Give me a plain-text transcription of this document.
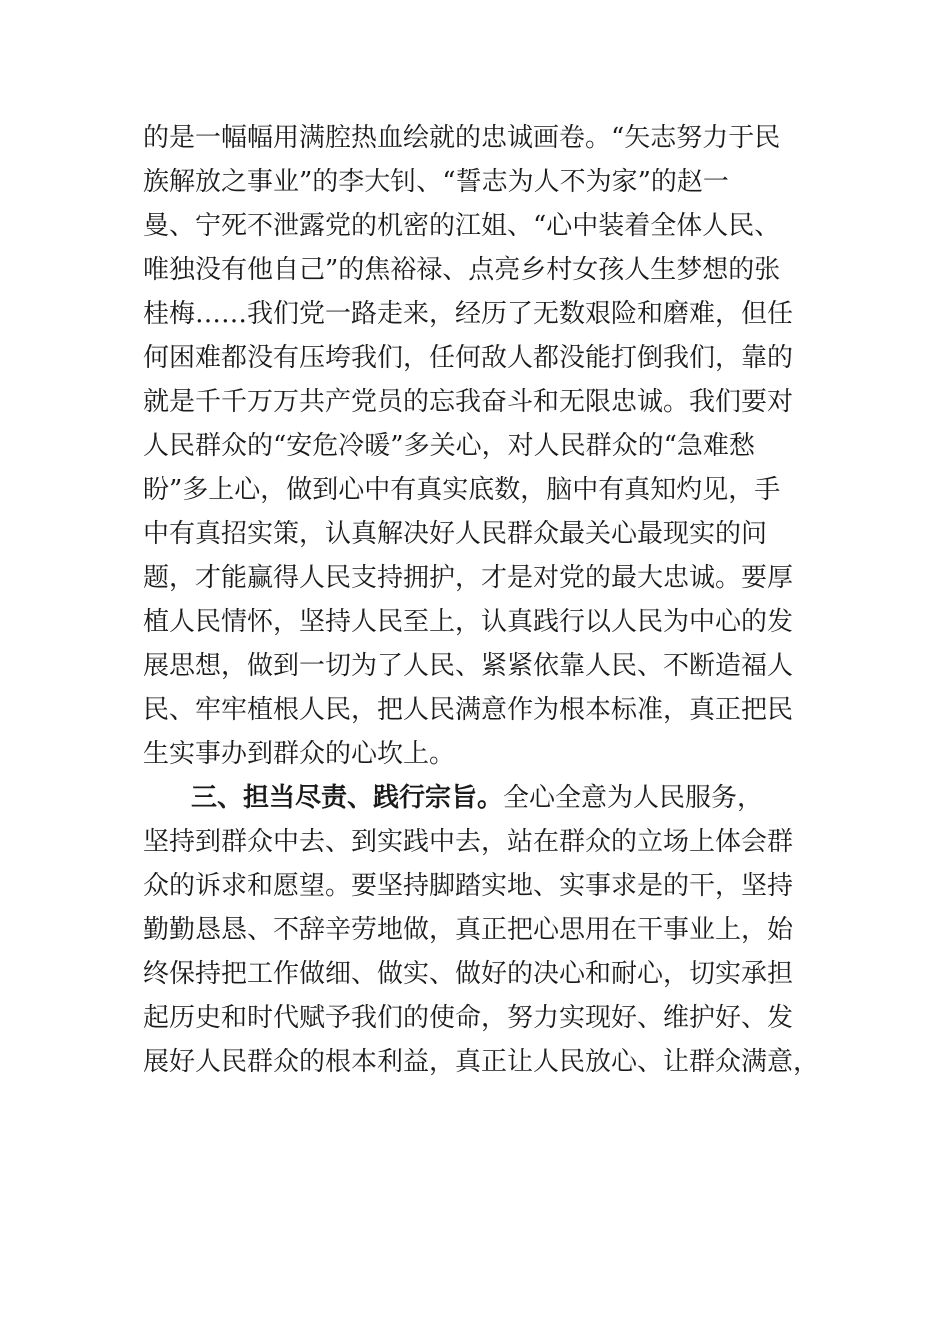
的是一幅幅用满腔热血绘就的忠诚画卷。“矢志努力于民

族解放之事业”的李大钊、“誓志为人不为家”的赵一

曼、宁死不泄露党的机密的江姐、“心中装着全体人民、

唯独没有他自己”的焦裕禄、点亮乡村女孩人生梦想的张

桂梅……我们党一路走来，经历了无数艰险和磨难，但任

何困难都没有压垮我们，任何敌人都没能打倒我们，靠的

就是千千万万共产党员的忘我奋斗和无限忠诚。我们要对

人民群众的“安危冷暖”多关心，对人民群众的“急难愁

盼”多上心，做到心中有真实底数，脑中有真知灼见，手

中有真招实策，认真解决好人民群众最关心最现实的问

题，才能赢得人民支持拥护，才是对党的最大忠诚。要厚

植人民情怀，坚持人民至上，认真践行以人民为中心的发

展思想，做到一切为了人民、紧紧依靠人民、不断造福人

民、牢牢植根人民，把人民满意作为根本标准，真正把民

生实事办到群众的心坎上。

三、担当尽责、践行宗旨。全心全意为人民服务，

坚持到群众中去、到实践中去，站在群众的立场上体会群

众的诉求和愿望。要坚持脚踏实地、实事求是的干，坚持

勤勤恳恳、不辞辛劳地做，真正把心思用在干事业上，始

终保持把工作做细、做实、做好的决心和耐心，切实承担

起历史和时代赋予我们的使命，努力实现好、维护好、发

展好人民群众的根本利益，真正让人民放心、让群众满意，
